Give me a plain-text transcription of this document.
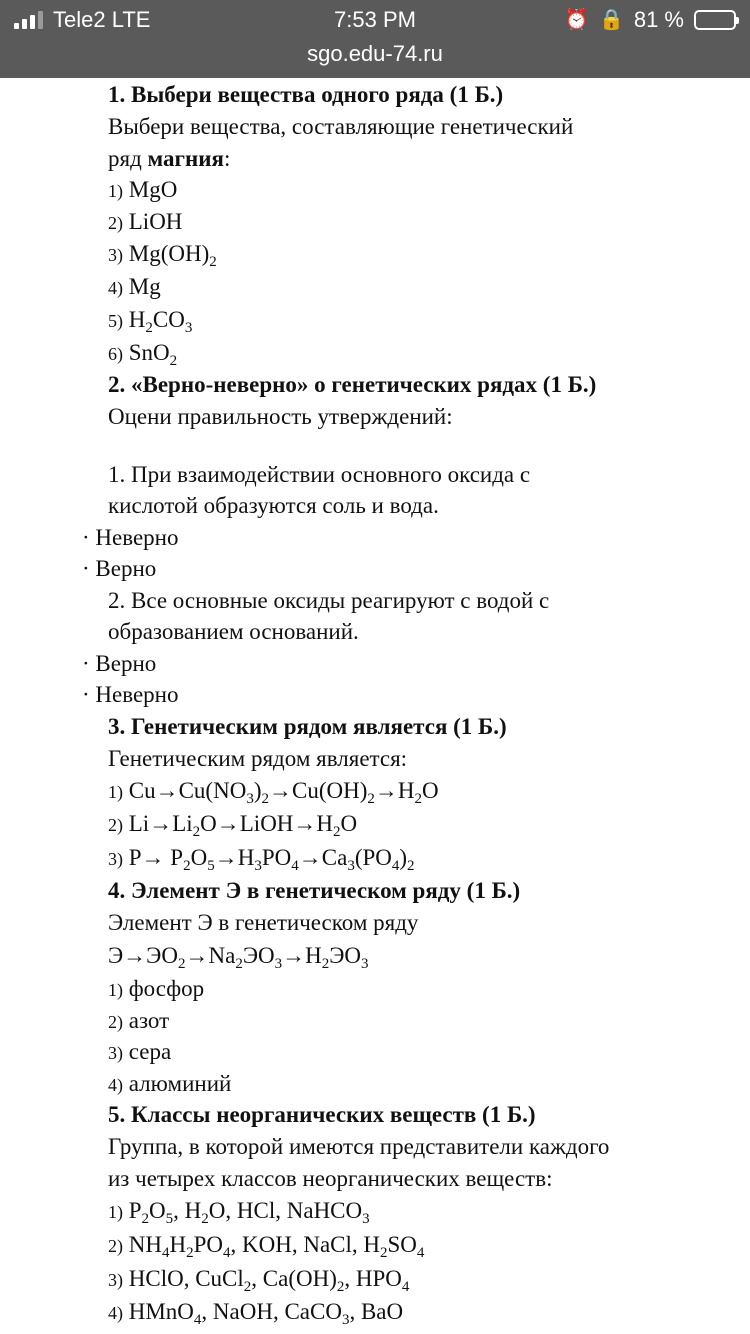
Tele2
LTE	7:53 PM	⏰ 🔒 81 %
sgo.edu-74.ru
1. Выбери вещества одного ряда (1 Б.)
Выбери вещества, составляющие генетический
ряд магния:
1) MgO
2) LiOH
3) $Mg(OH)_2$
4) Mg
5) $H_2CO_3$
6) SnO$_2$
2. «Верно-неверно» о генетических рядах (1 Б.)
Оцени правильность утверждений:
1. При взаимодействии основного оксида с
кислотой образуются соль и вода.
· Неверно
· Верно
2. Все основные оксиды реагируют с водой с
образованием оснований.
· Верно
· Неверно
3. Генетическим рядом является (1 Б.)
Генетическим рядом является:
1) $Cu\to Cu(NO_3)_2\to Cu(OH)_2\to H_2O$
2) $Li\to Li_2O\to LiOH\to H_2O$
3) $P\to P_2O_5\to H_3PO_4\to Ca_3(PO_4)_2$
4. Элемент Э в генетическом ряду (1 Б.)
Элемент Э в генетическом ряду
$Э\to ЭO_2\to Na_2ЭO_3\to H_2ЭO_3$
1) фосфор
2) азот
3) сера
4) алюминий
5. Классы неорганических веществ (1 Б.)
Группа, в которой имеются представители каждого
из четырех классов неорганических веществ:
1) $P_2O_5$, $H_2O$, HCl, NaHCO$_3$
2) $NH_4H_2PO_4$, KOH, NaCl, $H_2SO_4$
3) HClO, CuCl$_2$, $Ca(OH)_2$, $HPO_4$
4) HMnO$_4$, NaOH, CaCO$_3$, BaO
